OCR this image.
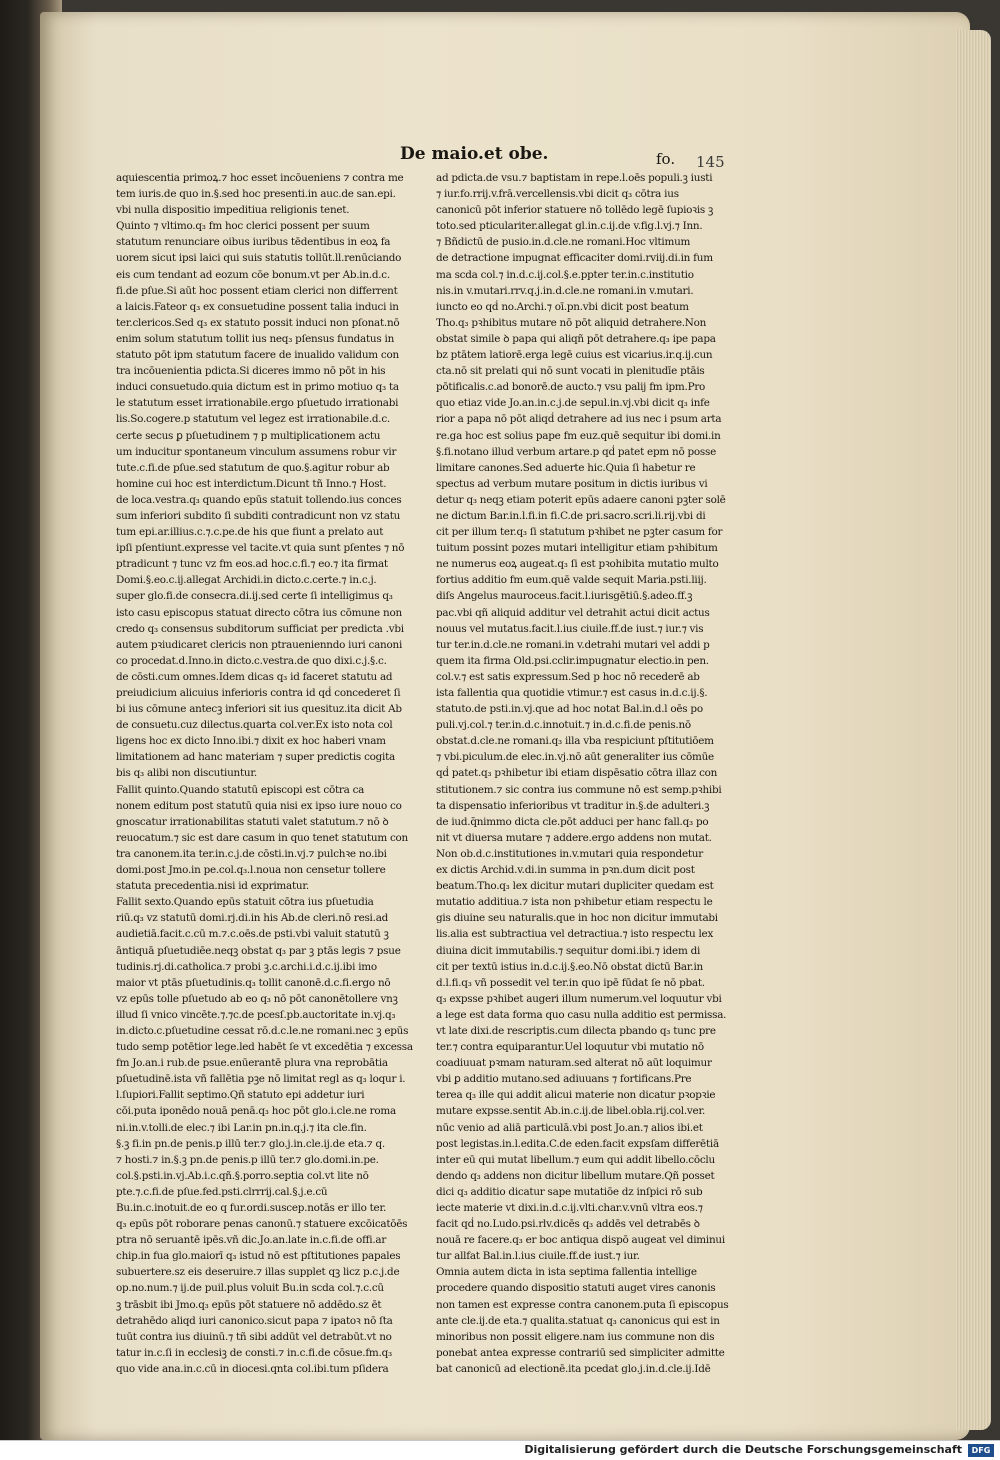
De maio.et obe.	fo. 145
aquiescentia primoꝝ.⁊ hoc esset incōueniens ⁊ contra me
tem iuris.de quo in.§.sed hoc presenti.in auc.de san.epi.
vbi nulla dispositio impeditiua religionis tenet.
Quinto ⁊ vltimo.q₃ fm hoc clerici possent per suum
statutum renunciare oibus iuribus tēdentibus in eoꝝ fa
uorem sicut ipsi laici qui suis statutis tollūt.ll.renūciando
eis cum tendant ad eozum cōe bonum.vt per Ab.in.d.c.
fi.de pſue.Si aūt hoc possent etiam clerici non differrent
a laicis.Fateor q₃ ex consuetudine possent talia induci in
ter.clericos.Sed q₃ ex statuto possit induci non pſonat.nō
enim solum statutum tollit ius neq₃ pſensus fundatus in
statuto pōt ipm statutum facere de inualido validum con
tra incōuenientia pdicta.Si diceres immo nō pōt in his
induci consuetudo.quia dictum est in primo motiuo q₃ ta
le statutum esset irrationabile.ergo pſuetudo irrationabi
lis.So.cogere.p statutum vel legez est irrationabile.d.c.
certe secus ꝑ pſuetudinem ⁊ p multiplicationem actu
um inducitur spontaneum vinculum assumens robur vir
tute.c.fi.de pſue.sed statutum de quo.§.agitur robur ab
homine cui hoc est interdictum.Dicunt tñ Inno.⁊ Host.
de loca.vestra.q₃ quando epūs statuit tollendo.ius conces
sum inferiori subdito ſi subditi contradicunt non vz statu
tum epi.ar.illius.c.⁊.c.pe.de his que fiunt a prelato aut
ipſi pſentiunt.expresse vel tacite.vt quia sunt pſentes ⁊ nō
ptradicunt ⁊ tunc vz fm eos.ad hoc.c.fi.⁊ eo.⁊ ita firmat
Domi.§.eo.c.ij.allegat Archidi.in dicto.c.certe.⁊ in.c.j.
super glo.fi.de consecra.di.ij.sed certe ſi intelligimus q₃
isto casu episcopus statuat directo cōtra ius cōmune non
credo q₃ consensus subditorum sufficiat per predicta .vbi
autem pꝛiudicaret clericis non ptrauenienndo iuri canoni
co procedat.d.Inno.in dicto.c.vestra.de quo dixi.c.j.§.c.
de cōsti.cum omnes.Idem dicas q₃ id faceret statutu ad
preiudicium alicuius inferioris contra id qḋ concederet ſi
bi ius cōmune antecꝫ inferiori sit ius quesituz.ita dicit Ab
de consuetu.cuz dilectus.quarta col.ver.Ex isto nota col
ligens hoc ex dicto Inno.ibi.⁊ dixit ex hoc haberi vnam
limitationem ad hanc materiam ⁊ super predictis cogita
bis q₃ alibi non discutiuntur.
Fallit quinto.Quando statutū episcopi est cōtra ca
nonem editum post statutū quia nisi ex ipso iure nouo co
gnoscatur irrationabilitas statuti valet statutum.⁊ nō ꝺ
reuocatum.⁊ sic est dare casum in quo tenet statutum con
tra canonem.ita ter.in.c.j.de cōsti.in.vj.⁊ pulchꝛe no.ibi
domi.post Jmo.in pe.col.q₃.l.noua non censetur tollere
statuta precedentia.nisi id exprimatur.
Fallit sexto.Quando epūs statuit cōtra ius pſuetudia
riū.q₃ vz statutū domi.rj.di.in his Ab.de cleri.nō resi.ad
audietiā.facit.c.cū m.⁊.c.oēs.de psti.vbi valuit statutū ꝫ
āntiquā pſuetudiēe.neqꝫ obstat q₃ par ꝫ ptās legis ⁊ psue
tudinis.rj.di.catholica.⁊ probi ꝫ.c.archi.i.d.c.ij.ibi imo
maior vt ptās pſuetudinis.q₃ tollit canonē.d.c.fi.ergo nō
vz epūs tolle pſuetudo ab eo q₃ nō pōt canonētollere vnꝫ
illud ſi vnico vincēte.⁊.⁊c.de pcesſ.pb.auctoritate in.vj.q₃
in.dicto.c.pſuetudine cessat rō.d.c.le.ne romani.nec ꝫ epūs
tudo semp potētior lege.led habēt ſe vt excedētia ⁊ excessa
fm Jo.an.i rub.de psue.enūerantē plura vna reprobātia
pſuetudinē.ista vñ fallētia pꝫe nō limitat regl as q₃ loqur i.
l.ſupiori.Fallit septimo.Qñ statuto epi addetur iuri
cōi.puta iponēdo nouā penā.q₃ hoc pōt glo.i.cle.ne roma
ni.in.v.tolli.de elec.⁊ ibi Lar.in pn.in.q.j.⁊ ita cle.fin.
§.ꝫ fi.in pn.de penis.p illū ter.⁊ glo.j.in.cle.ij.de eta.⁊ q.
⁊ hosti.⁊ in.§.ꝫ pn.de penis.p illū ter.⁊ glo.domi.in.pe.
col.§.psti.in.vj.Ab.i.c.qñ.§.porro.septia col.vt lite nō
pte.⁊.c.fi.de pſue.fed.psti.clrrrij.cal.§.j.e.cū
Bu.in.c.inotuit.de eo q fur.ordi.suscep.notās er illo ter.
q₃ epūs pōt roborare penas canonū.⁊ statuere excōicatōēs
ptra nō seruantē ipēs.vñ dic.Jo.an.late in.c.fi.de offi.ar
chip.in fua glo.maiorī q₃ istud nō est pſtitutiones papales
subuertere.sz eis deseruire.⁊ illas supplet qꝫ licz p.c.j.de
op.no.num.⁊ ij.de puil.plus voluit Bu.in scda col.⁊.c.cū
ꝫ trāsbit ibi Jmo.q₃ epūs pōt statuere nō addēdo.sz ēt
detrahēdo aliqd iuri canonico.sicut papa ⁊ ipatoꝛ nō ſta
tuūt contra ius diuinū.⁊ tñ sibi addūt vel detrabūt.vt no
tatur in.c.ſi in ecclesiꝫ de consti.⁊ in.c.fi.de cōsue.fm.q₃
quo vide ana.in.c.cū in diocesi.qnta col.ibi.tum pſidera
ad pdicta.de vsu.⁊ baptistam in repe.l.oēs populi.ꝫ iusti
⁊ iur.fo.rrij.v.frā.vercellensis.vbi dicit q₃ cōtra ius
canonicū pōt inferior statuere nō tollēdo legē ſupioꝛis ꝫ
toto.sed pticulariter.allegat gl.in.c.ij.de v.fig.l.vj.⁊ Inn.
⁊ Bñdictū de pusio.in.d.cle.ne romani.Hoc vltimum
de detractione impugnat efficaciter domi.rviij.di.in fum
ma scda col.⁊ in.d.c.ij.col.§.e.ppter ter.in.c.institutio
nis.in v.mutari.rrv.q.j.in.d.cle.ne romani.in v.mutari.
iuncto eo qḋ no.Archi.⁊ oī.pn.vbi dicit post beatum
Tho.q₃ pꝛhibitus mutare nō pōt aliquid detrahere.Non
obstat simile ꝺ papa qui aliqñ pōt detrahere.q₃ ipe papa
bz ptātem latiorē.erga legē cuius est vicarius.ir.q.ij.cun
cta.nō sit prelati qui nō sunt vocati in plenitudīe ptāis
pōtificalis.c.ad bonorē.de aucto.⁊ vsu palij fm ipm.Pro
quo etiaz vide Jo.an.in.c.j.de sepul.in.vj.vbi dicit q₃ infe
rior a papa nō pōt aliqḋ detrahere ad ius nec i psum arta
re.ga hoc est solius pape fm euz.quē sequitur ibi domi.in
§.fi.notano illud verbum artare.p qḋ patet epm nō posse
limitare canones.Sed aduerte hic.Quia ſi habetur re
spectus ad verbum mutare positum in dictis iuribus vi
detur q₃ neqꝫ etiam poterit epūs adaere canoni pꝫter solē
ne dictum Bar.in.l.fi.in fi.C.de pri.sacro.scri.li.rij.vbi di
cit per illum ter.q₃ ſi statutum pꝛhibet ne pꝫter casum for
tuitum possint pozes mutari intelligitur etiam pꝛhibitum
ne numerus eoꝝ augeat.q₃ ſi est pꝛohibita mutatio multo
fortius additio fm eum.quē valde sequit Maria.psti.liij.
diſs Angelus mauroceus.facit.l.iurisgētiū.§.adeo.ff.ꝫ
pac.vbi qñ aliquid additur vel detrahit actui dicit actus
nouus vel mutatus.facit.l.ius ciuile.ff.de iust.⁊ iur.⁊ vis
tur ter.in.d.cle.ne romani.in v.detrahi mutari vel addi p
quem ita firma Old.psi.cclir.impugnatur electio.in pen.
col.v.⁊ est satis expressum.Sed p hoc nō recederē ab
ista fallentia qua quotidie vtimur.⁊ est casus in.d.c.ij.§.
statuto.de psti.in.vj.que ad hoc notat Bal.in.d.l oēs po
puli.vj.col.⁊ ter.in.d.c.innotuit.⁊ in.d.c.fi.de penis.nō
obstat.d.cle.ne romani.q₃ illa vba respiciunt pſtitutiōem
⁊ vbi.piculum.de elec.in.vj.nō aūt generaliter ius cōmūe
qḋ patet.q₃ pꝛhibetur ibi etiam dispēsatio cōtra illaz con
stitutionem.⁊ sic contra ius commune nō est semp.pꝛhibi
ta dispensatio inferioribus vt traditur in.§.de adulteri.ꝫ
de iud.q̄nimmo dicta cle.pōt adduci per hanc fall.q₃ po
nit vt diuersa mutare ⁊ addere.ergo addens non mutat.
Non ob.d.c.institutiones in.v.mutari quia respondetur
ex dictis Archid.v.di.in summa in pꝛn.dum dicit post
beatum.Tho.q₃ lex dicitur mutari dupliciter quedam est
mutatio additiua.⁊ ista non pꝛhibetur etiam respectu le
gis diuine seu naturalis.que in hoc non dicitur immutabi
lis.alia est subtractiua vel detractiua.⁊ isto respectu lex
diuina dicit immutabilis.⁊ sequitur domi.ibi.⁊ idem di
cit per textū istius in.d.c.ij.§.eo.Nō obstat dictū Bar.in
d.l.fi.q₃ vñ possedit vel ter.in quo ipē fūdat ſe nō pbat.
q₃ expsse pꝛhibet augeri illum numerum.vel loquutur vbi
a lege est data forma quo casu nulla additio est permissa.
vt late dixi.de rescriptis.cum dilecta pbando q₃ tunc pre
ter.⁊ contra equiparantur.Uel loquutur vbi mutatio nō
coadiuuat pꝛmam naturam.sed alterat nō aūt loquimur
vbi ꝑ additio mutano.sed adiuuans ⁊ fortificans.Pre
terea q₃ ille qui addit alicui materie non dicatur pꝛopꝛie
mutare expsse.sentit Ab.in.c.ij.de libel.obla.rij.col.ver.
nūc venio ad aliā particulā.vbi post Jo.an.⁊ alios ibi.et
post legistas.in.l.edita.C.de eden.facit expsſam differētiā
inter eū qui mutat libellum.⁊ eum qui addit libello.cōclu
dendo q₃ addens non dicitur libellum mutare.Qñ posset
dici q₃ additio dicatur sape mutatiōe dz inſpici rō sub
iecte materie vt dixi.in.d.c.ij.vlti.char.v.vnū vltra eos.⁊
facit qḋ no.Ludo.psi.rlv.dicēs q₃ addēs vel detrabēs ꝺ
nouā re facere.q₃ er boc antiqua dispō augeat vel diminui
tur allfat Bal.in.l.ius ciuile.ff.de iust.⁊ iur.
Omnia autem dicta in ista septima fallentia intellige
procedere quando dispositio statuti auget vires canonis
non tamen est expresse contra canonem.puta ſi episcopus
ante cle.ij.de eta.⁊ qualita.statuat q₃ canonicus qui est in
minoribus non possit eligere.nam ius commune non dis
ponebat antea expresse contrariū sed simpliciter admitte
bat canonicū ad electionē.ita pcedat glo.j.in.d.cle.ij.Idē
Digitalisierung gefördert durch die Deutsche Forschungsgemeinschaft	DFG
